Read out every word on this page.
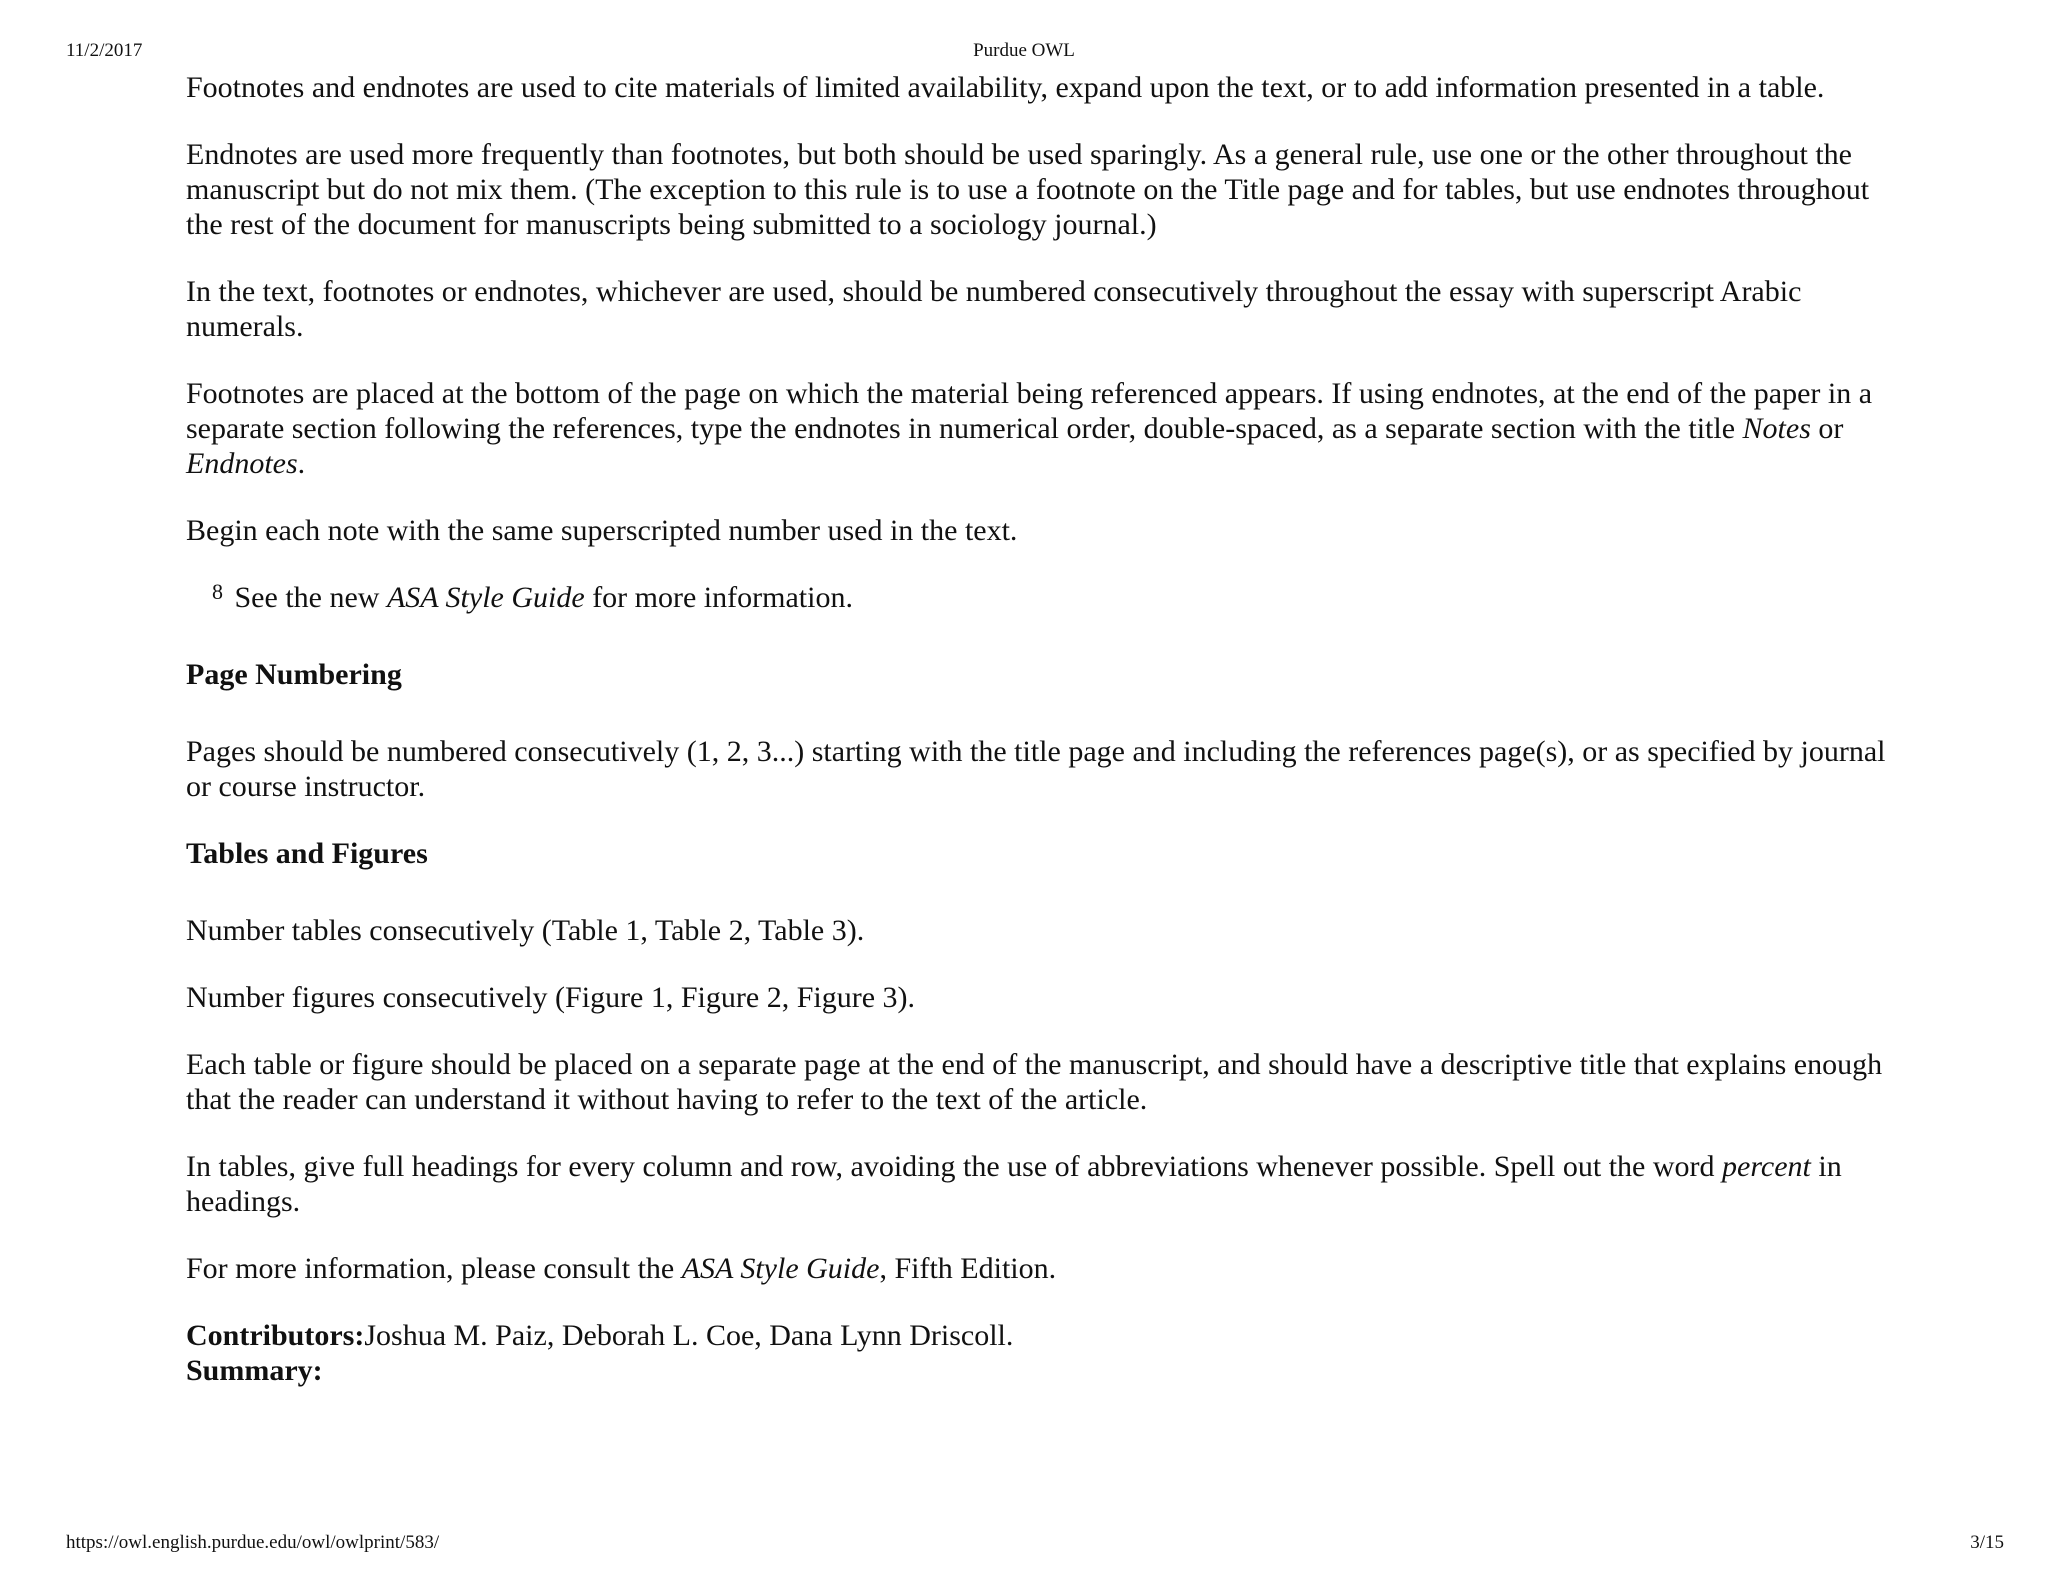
11/2/2017	Purdue OWL

Footnotes and endnotes are used to cite materials of limited availability, expand upon the text, or to add information presented in a table.

Endnotes are used more frequently than footnotes, but both should be used sparingly. As a general rule, use one or the other throughout the manuscript but do not mix them. (The exception to this rule is to use a footnote on the Title page and for tables, but use endnotes throughout the rest of the document for manuscripts being submitted to a sociology journal.)

In the text, footnotes or endnotes, whichever are used, should be numbered consecutively throughout the essay with superscript Arabic numerals.

Footnotes are placed at the bottom of the page on which the material being referenced appears. If using endnotes, at the end of the paper in a separate section following the references, type the endnotes in numerical order, double-spaced, as a separate section with the title Notes or Endnotes.

Begin each note with the same superscripted number used in the text.

$^8$ See the new ASA Style Guide for more information.

Page Numbering

Pages should be numbered consecutively (1, 2, 3...) starting with the title page and including the references page(s), or as specified by journal or course instructor.

Tables and Figures

Number tables consecutively (Table 1, Table 2, Table 3).

Number figures consecutively (Figure 1, Figure 2, Figure 3).

Each table or figure should be placed on a separate page at the end of the manuscript, and should have a descriptive title that explains enough that the reader can understand it without having to refer to the text of the article.

In tables, give full headings for every column and row, avoiding the use of abbreviations whenever possible. Spell out the word percent in headings.

For more information, please consult the ASA Style Guide, Fifth Edition.

Contributors:Joshua M. Paiz, Deborah L. Coe, Dana Lynn Driscoll.
Summary:
https://owl.english.purdue.edu/owl/owlprint/583/	3/15
